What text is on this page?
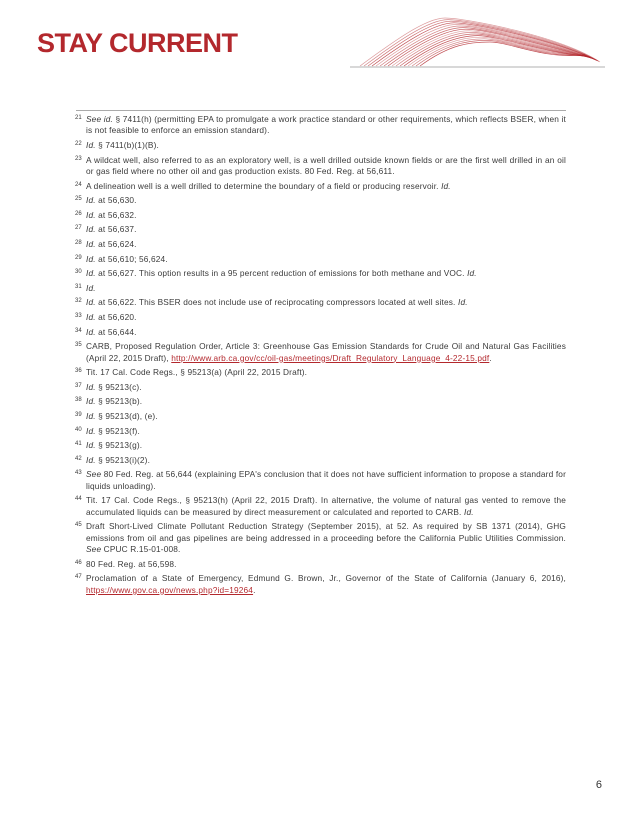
STAY CURRENT
21 See id. § 7411(h) (permitting EPA to promulgate a work practice standard or other requirements, which reflects BSER, when it is not feasible to enforce an emission standard).
22 Id. § 7411(b)(1)(B).
23 A wildcat well, also referred to as an exploratory well, is a well drilled outside known fields or are the first well drilled in an oil or gas field where no other oil and gas production exists. 80 Fed. Reg. at 56,611.
24 A delineation well is a well drilled to determine the boundary of a field or producing reservoir. Id.
25 Id. at 56,630.
26 Id. at 56,632.
27 Id. at 56,637.
28 Id. at 56,624.
29 Id. at 56,610; 56,624.
30 Id. at 56,627. This option results in a 95 percent reduction of emissions for both methane and VOC. Id.
31 Id.
32 Id. at 56,622. This BSER does not include use of reciprocating compressors located at well sites. Id.
33 Id. at 56,620.
34 Id. at 56,644.
35 CARB, Proposed Regulation Order, Article 3: Greenhouse Gas Emission Standards for Crude Oil and Natural Gas Facilities (April 22, 2015 Draft), http://www.arb.ca.gov/cc/oil-gas/meetings/Draft_Regulatory_Language_4-22-15.pdf.
36 Tit. 17 Cal. Code Regs., § 95213(a) (April 22, 2015 Draft).
37 Id. § 95213(c).
38 Id. § 95213(b).
39 Id. § 95213(d), (e).
40 Id. § 95213(f).
41 Id. § 95213(g).
42 Id. § 95213(i)(2).
43 See 80 Fed. Reg. at 56,644 (explaining EPA's conclusion that it does not have sufficient information to propose a standard for liquids unloading).
44 Tit. 17 Cal. Code Regs., § 95213(h) (April 22, 2015 Draft). In alternative, the volume of natural gas vented to remove the accumulated liquids can be measured by direct measurement or calculated and reported to CARB. Id.
45 Draft Short-Lived Climate Pollutant Reduction Strategy (September 2015), at 52. As required by SB 1371 (2014), GHG emissions from oil and gas pipelines are being addressed in a proceeding before the California Public Utilities Commission. See CPUC R.15-01-008.
46 80 Fed. Reg. at 56,598.
47 Proclamation of a State of Emergency, Edmund G. Brown, Jr., Governor of the State of California (January 6, 2016), https://www.gov.ca.gov/news.php?id=19264.
6
